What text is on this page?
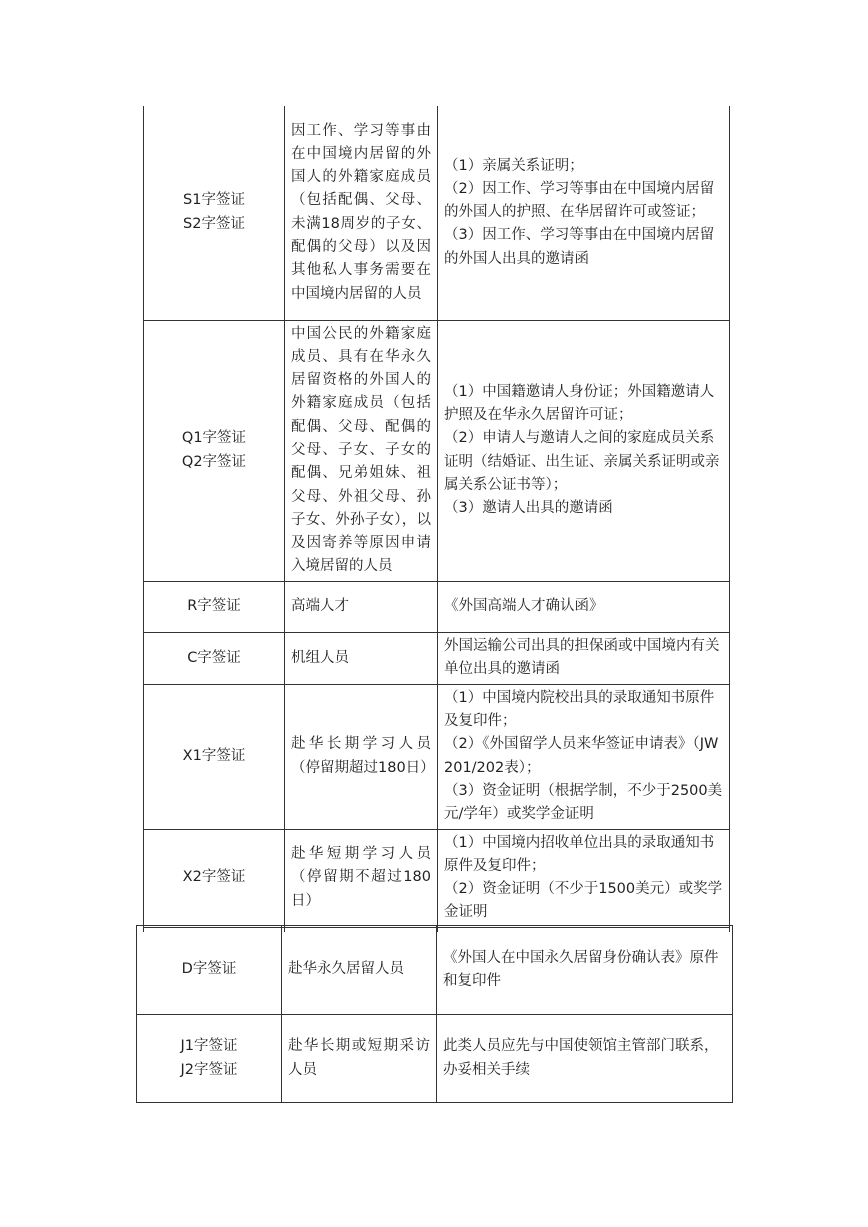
S1字签证
S2字签证	因工作、学习等事由在中国境内居留的外国人的外籍家庭成员（包括配偶、父母、未满18周岁的子女、配偶的父母）以及因其他私人事务需要在中国境内居留的人员	（1）亲属关系证明；
（2）因工作、学习等事由在中国境内居留的外国人的护照、在华居留许可或签证；
（3）因工作、学习等事由在中国境内居留的外国人出具的邀请函

Q1字签证
Q2字签证	中国公民的外籍家庭成员、具有在华永久居留资格的外国人的外籍家庭成员（包括配偶、父母、配偶的父母、子女、子女的配偶、兄弟姐妹、祖父母、外祖父母、孙子女、外孙子女），以及因寄养等原因申请入境居留的人员	（1）中国籍邀请人身份证；外国籍邀请人护照及在华永久居留许可证；
（2）申请人与邀请人之间的家庭成员关系证明（结婚证、出生证、亲属关系证明或亲属关系公证书等）；
（3）邀请人出具的邀请函

R字签证	高端人才	《外国高端人才确认函》

C字签证	机组人员	外国运输公司出具的担保函或中国境内有关单位出具的邀请函

X1字签证	赴华长期学习人员（停留期超过180日）	（1）中国境内院校出具的录取通知书原件及复印件；
（2）《外国留学人员来华签证申请表》（JW201/202表）；
（3）资金证明（根据学制，不少于2500美元/学年）或奖学金证明

X2字签证	赴华短期学习人员（停留期不超过180日）	（1）中国境内招收单位出具的录取通知书原件及复印件；
（2）资金证明（不少于1500美元）或奖学金证明

D字签证	赴华永久居留人员	《外国人在中国永久居留身份确认表》原件和复印件

J1字签证
J2字签证	赴华长期或短期采访人员	此类人员应先与中国使领馆主管部门联系，办妥相关手续
